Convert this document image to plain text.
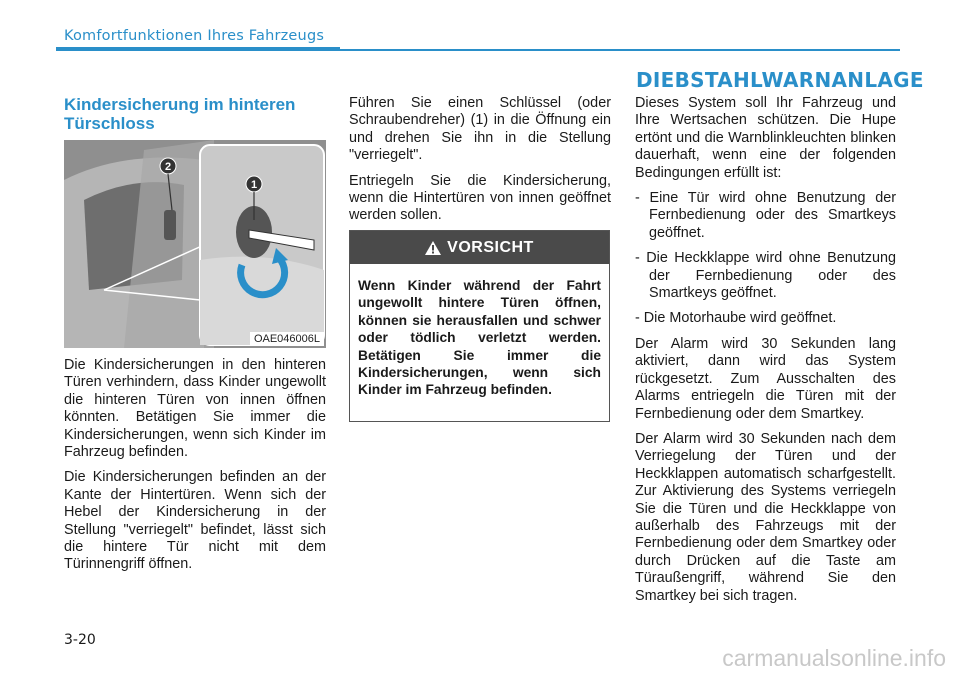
Komfortfunktionen Ihres Fahrzeugs
DIEBSTAHLWARNANLAGE
Kindersicherung im hinteren Türschloss
2
1
OAE046006L

Die Kindersicherungen in den hinteren Türen verhindern, dass Kinder ungewollt die hinteren Türen von innen öffnen könnten. Betätigen Sie immer die Kindersicherungen, wenn sich Kinder im Fahrzeug befinden.

Die Kindersicherungen befinden an der Kante der Hintertüren. Wenn sich der Hebel der Kindersicherung in der Stellung "verriegelt" befindet, lässt sich die hintere Tür nicht mit dem Türinnengriff öffnen.

Führen Sie einen Schlüssel (oder Schraubendreher) (1) in die Öffnung ein und drehen Sie ihn in die Stellung "verriegelt".

Entriegeln Sie die Kindersicherung, wenn die Hintertüren von innen geöffnet werden sollen.

VORSICHT
Wenn Kinder während der Fahrt ungewollt hintere Türen öffnen, können sie herausfallen und schwer oder tödlich verletzt werden. Betätigen Sie immer die Kindersicherungen, wenn sich Kinder im Fahrzeug befinden.

Dieses System soll Ihr Fahrzeug und Ihre Wertsachen schützen. Die Hupe ertönt und die Warnblinkleuchten blinken dauerhaft, wenn eine der folgenden Bedingungen erfüllt ist:

- Eine Tür wird ohne Benutzung der Fernbedienung oder des Smartkeys geöffnet.

- Die Heckklappe wird ohne Benutzung der Fernbedienung oder des Smartkeys geöffnet.

- Die Motorhaube wird geöffnet.

Der Alarm wird 30 Sekunden lang aktiviert, dann wird das System rückgesetzt. Zum Ausschalten des Alarms entriegeln die Türen mit der Fernbedienung oder dem Smartkey.

Der Alarm wird 30 Sekunden nach dem Verriegelung der Türen und der Heckklappen automatisch scharfgestellt. Zur Aktivierung des Systems verriegeln Sie die Türen und die Heckklappe von außerhalb des Fahrzeugs mit der Fernbedienung oder dem Smartkey oder durch Drücken auf die Taste am Türaußengriff, während Sie den Smartkey bei sich tragen.

3-20
carmanualsonline.info
